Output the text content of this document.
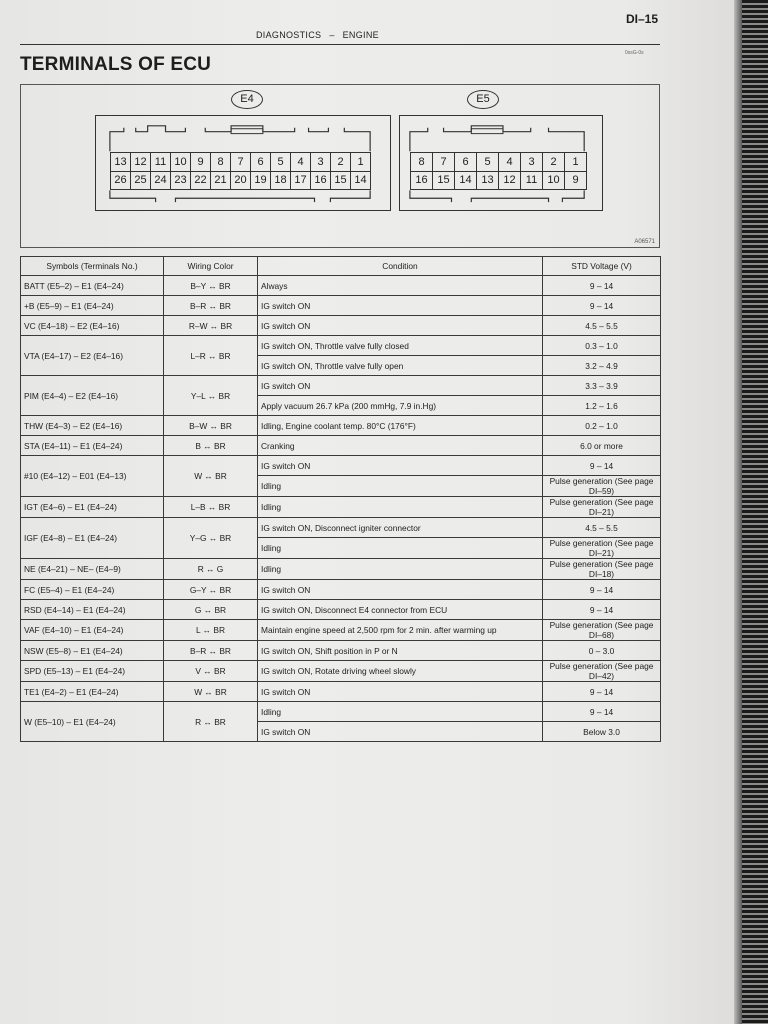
DI–15
DIAGNOSTICS – ENGINE
0ssG-0s
TERMINALS OF ECU
E4	E5
13 12 11 10 9	8	7	6	5	4	3	2	1
26 25 24 23 22 21 20 19 18 17 16 15 14
8	7	6	5	4	3	2	1
16 15 14 13 12 11 10	9
A06571
Symbols (Terminals No.)	Wiring Color	Condition	STD Voltage (V)
BATT (E5–2) – E1 (E4–24)	B–Y ↔ BR	Always	9 – 14
+B (E5–9) – E1 (E4–24)	B–R ↔ BR	IG switch ON	9 – 14
VC (E4–18) – E2 (E4–16)	R–W ↔ BR	IG switch ON	4.5 – 5.5
VTA (E4–17) – E2 (E4–16)	L–R ↔ BR	IG switch ON, Throttle valve fully closed	0.3 – 1.0
		IG switch ON, Throttle valve fully open	3.2 – 4.9
PIM (E4–4) – E2 (E4–16)	Y–L ↔ BR	IG switch ON	3.3 – 3.9
		Apply vacuum 26.7 kPa (200 mmHg, 7.9 in.Hg)	1.2 – 1.6
THW (E4–3) – E2 (E4–16)	B–W ↔ BR	Idling, Engine coolant temp. 80°C (176°F)	0.2 – 1.0
STA (E4–11) – E1 (E4–24)	B ↔ BR	Cranking	6.0 or more
#10 (E4–12) – E01 (E4–13)	W ↔ BR	IG switch ON	9 – 14
		Idling	Pulse generation (See page DI–59)
IGT (E4–6) – E1 (E4–24)	L–B ↔ BR	Idling	Pulse generation (See page DI–21)
IGF (E4–8) – E1 (E4–24)	Y–G ↔ BR	IG switch ON, Disconnect igniter connector	4.5 – 5.5
		Idling	Pulse generation (See page DI–21)
NE (E4–21) – NE– (E4–9)	R ↔ G	Idling	Pulse generation (See page DI–18)
FC (E5–4) – E1 (E4–24)	G–Y ↔ BR	IG switch ON	9 – 14
RSD (E4–14) – E1 (E4–24)	G ↔ BR	IG switch ON, Disconnect E4 connector from ECU	9 – 14
VAF (E4–10) – E1 (E4–24)	L ↔ BR	Maintain engine speed at 2,500 rpm for 2 min. after warming up	Pulse generation (See page DI–68)
NSW (E5–8) – E1 (E4–24)	B–R ↔ BR	IG switch ON, Shift position in P or N	0 – 3.0
SPD (E5–13) – E1 (E4–24)	V ↔ BR	IG switch ON, Rotate driving wheel slowly	Pulse generation (See page DI–42)
TE1 (E4–2) – E1 (E4–24)	W ↔ BR	IG switch ON	9 – 14
W (E5–10) – E1 (E4–24)	R ↔ BR	Idling	9 – 14
		IG switch ON	Below 3.0
